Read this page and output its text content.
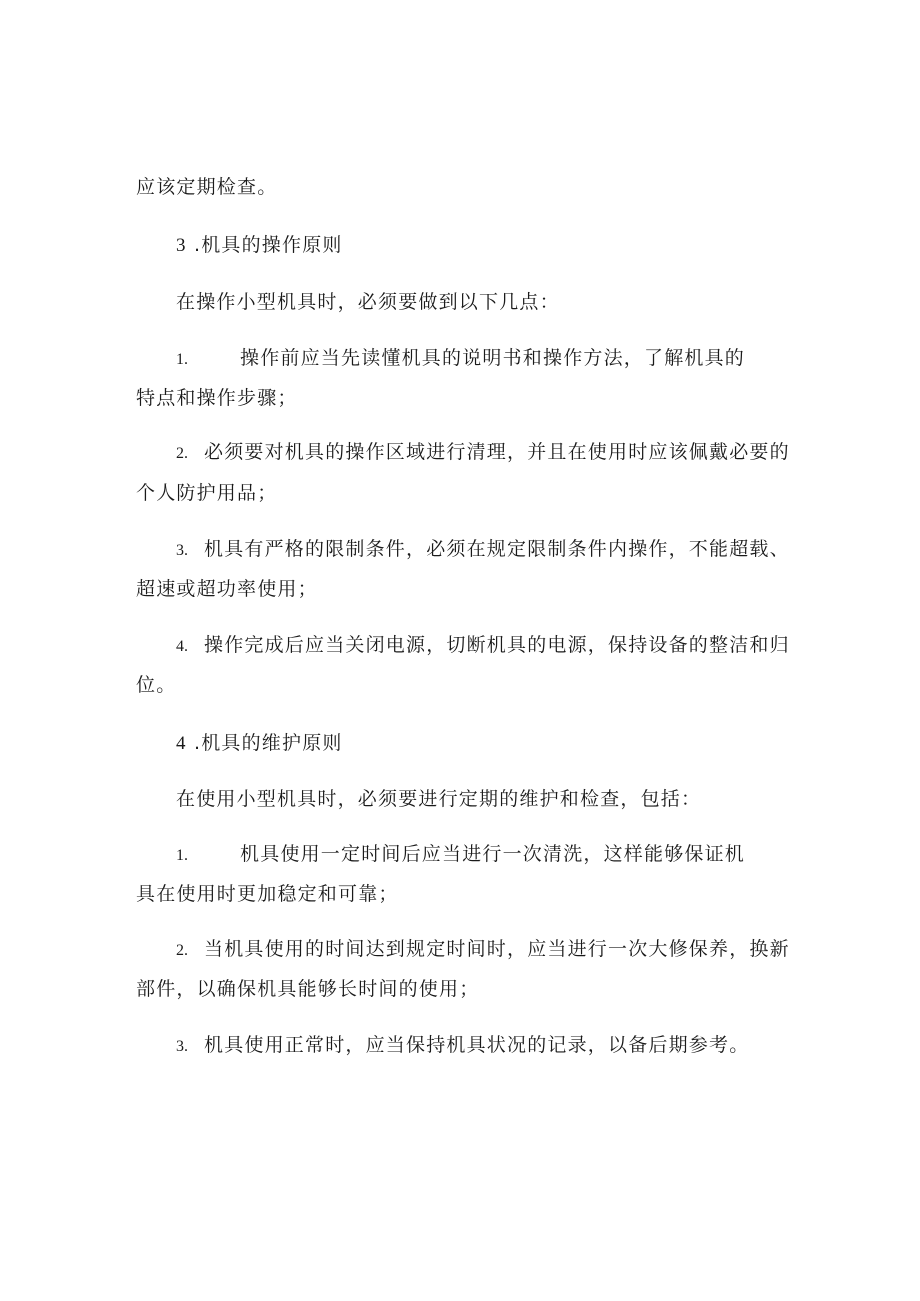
应该定期检查。
3 .机具的操作原则
在操作小型机具时，必须要做到以下几点：
1.	操作前应当先读懂机具的说明书和操作方法，了解机具的
特点和操作步骤；
2. 必须要对机具的操作区域进行清理，并且在使用时应该佩戴必要的
个人防护用品；
3. 机具有严格的限制条件，必须在规定限制条件内操作，不能超载、
超速或超功率使用；
4. 操作完成后应当关闭电源，切断机具的电源，保持设备的整洁和归
位。
4 .机具的维护原则
在使用小型机具时，必须要进行定期的维护和检查，包括：
1.	机具使用一定时间后应当进行一次清洗，这样能够保证机
具在使用时更加稳定和可靠；
2. 当机具使用的时间达到规定时间时，应当进行一次大修保养，换新
部件，以确保机具能够长时间的使用；
3. 机具使用正常时，应当保持机具状况的记录，以备后期参考。
